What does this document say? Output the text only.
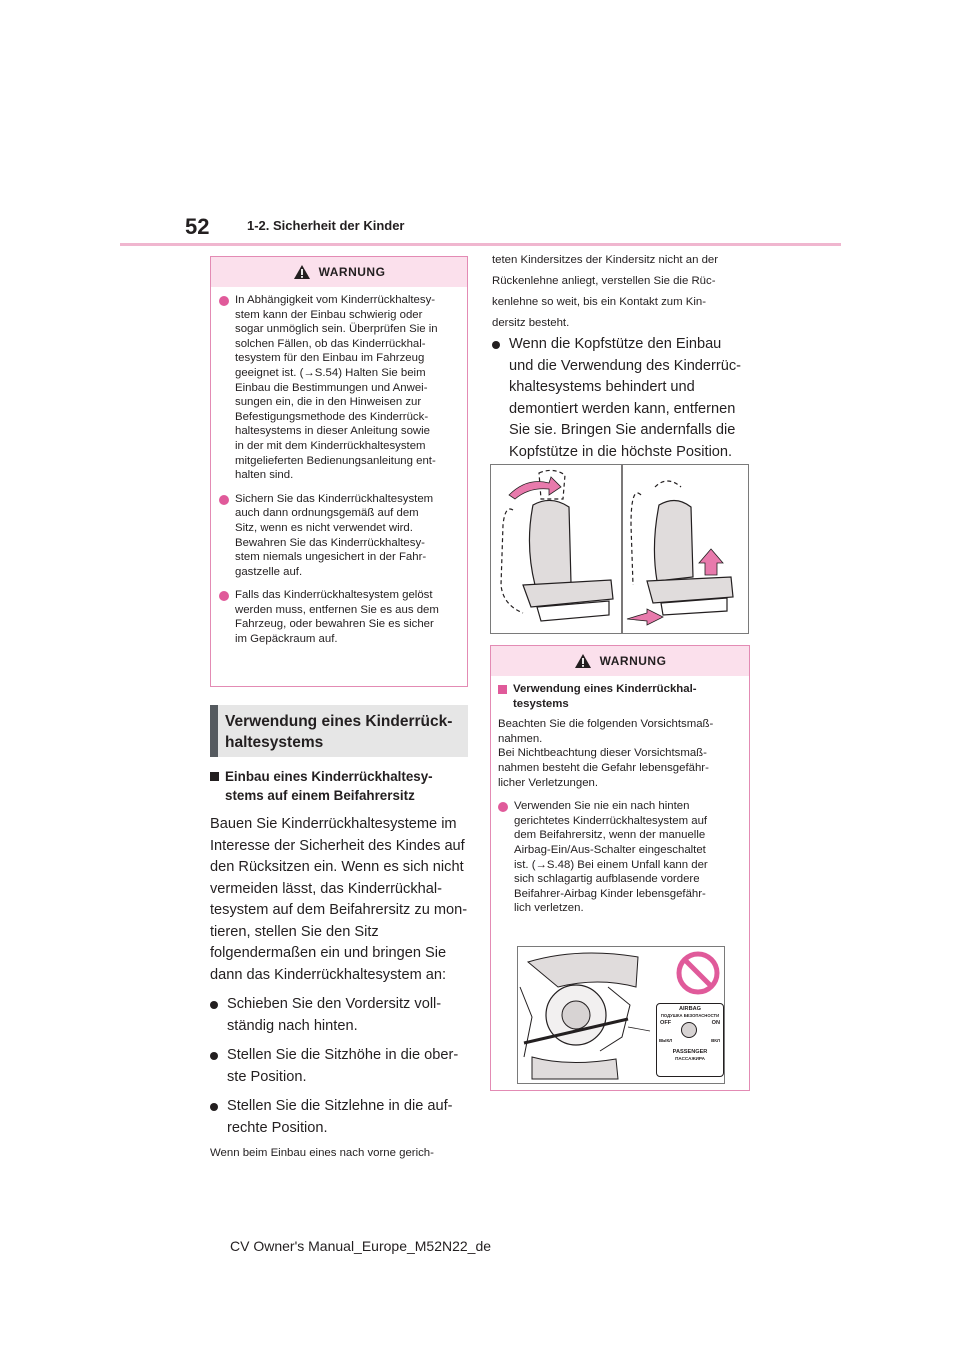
52	1-2. Sicherheit der Kinder
WARNUNG
In Abhängigkeit vom Kinderrückhaltesy-
stem kann der Einbau schwierig oder
sogar unmöglich sein. Überprüfen Sie in
solchen Fällen, ob das Kinderrückhal-
tesystem für den Einbau im Fahrzeug
geeignet ist. (→S.54) Halten Sie beim
Einbau die Bestimmungen und Anwei-
sungen ein, die in den Hinweisen zur
Befestigungsmethode des Kinderrück-
haltesystems in dieser Anleitung sowie
in der mit dem Kinderrückhaltesystem
mitgelieferten Bedienungsanleitung ent-
halten sind.
Sichern Sie das Kinderrückhaltesystem
auch dann ordnungsgemäß auf dem
Sitz, wenn es nicht verwendet wird.
Bewahren Sie das Kinderrückhaltesy-
stem niemals ungesichert in der Fahr-
gastzelle auf.
Falls das Kinderrückhaltesystem gelöst
werden muss, entfernen Sie es aus dem
Fahrzeug, oder bewahren Sie es sicher
im Gepäckraum auf.
Verwendung eines Kinderrück-
haltesystems
Einbau eines Kinderrückhaltesy-
stems auf einem Beifahrersitz
Bauen Sie Kinderrückhaltesysteme im
Interesse der Sicherheit des Kindes auf
den Rücksitzen ein. Wenn es sich nicht
vermeiden lässt, das Kinderrückhal-
tesystem auf dem Beifahrersitz zu mon-
tieren, stellen Sie den Sitz
folgendermaßen ein und bringen Sie
dann das Kinderrückhaltesystem an:
Schieben Sie den Vordersitz voll-
ständig nach hinten.
Stellen Sie die Sitzhöhe in die ober-
ste Position.
Stellen Sie die Sitzlehne in die auf-
rechte Position.
Wenn beim Einbau eines nach vorne gerich-
teten Kindersitzes der Kindersitz nicht an der
Rückenlehne anliegt, verstellen Sie die Rüc-
kenlehne so weit, bis ein Kontakt zum Kin-
dersitz besteht.
Wenn die Kopfstütze den Einbau
und die Verwendung des Kinderrüc-
khaltesystems behindert und
demontiert werden kann, entfernen
Sie sie. Bringen Sie andernfalls die
Kopfstütze in die höchste Position.
WARNUNG
Verwendung eines Kinderrückhal-
tesystems
Beachten Sie die folgenden Vorsichtsmaß-
nahmen.
Bei Nichtbeachtung dieser Vorsichtsmaß-
nahmen besteht die Gefahr lebensgefähr-
licher Verletzungen.
Verwenden Sie nie ein nach hinten
gerichtetes Kinderrückhaltesystem auf
dem Beifahrersitz, wenn der manuelle
Airbag-Ein/Aus-Schalter eingeschaltet
ist. (→S.48) Bei einem Unfall kann der
sich schlagartig aufblasende vordere
Beifahrer-Airbag Kinder lebensgefähr-
lich verletzen.
AIRBAG
ПОДУШКА БЕЗОПАСНОСТИ
OFF	ON
ВЫКЛ	ВКЛ
PASSENGER
ПАССАЖИРА
CV Owner's Manual_Europe_M52N22_de
